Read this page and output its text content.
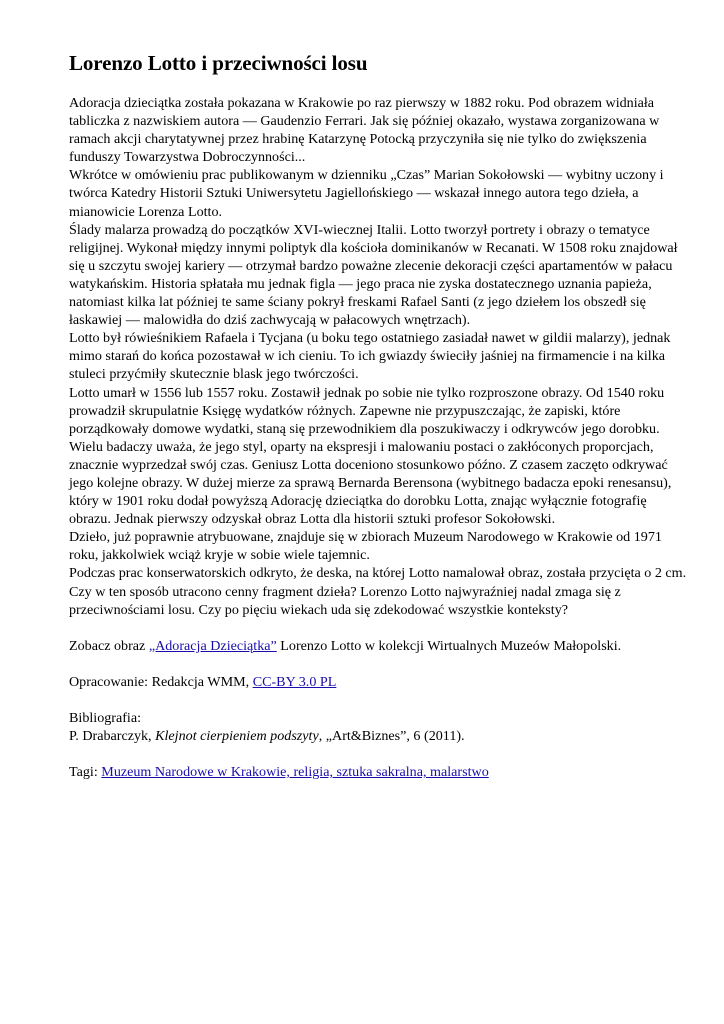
Lorenzo Lotto i przeciwności losu

Adoracja dzieciątka została pokazana w Krakowie po raz pierwszy w 1882 roku. Pod obrazem widniała tabliczka z nazwiskiem autora — Gaudenzio Ferrari. Jak się później okazało, wystawa zorganizowana w ramach akcji charytatywnej przez hrabinę Katarzynę Potocką przyczyniła się nie tylko do zwiększenia funduszy Towarzystwa Dobroczynności...

Wkrótce w omówieniu prac publikowanym w dzienniku „Czas” Marian Sokołowski — wybitny uczony i twórca Katedry Historii Sztuki Uniwersytetu Jagiellońskiego — wskazał innego autora tego dzieła, a mianowicie Lorenza Lotto.

Ślady malarza prowadzą do początków XVI-wiecznej Italii. Lotto tworzył portrety i obrazy o tematyce religijnej. Wykonał między innymi poliptyk dla kościoła dominikanów w Recanati. W 1508 roku znajdował się u szczytu swojej kariery — otrzymał bardzo poważne zlecenie dekoracji części apartamentów w pałacu watykańskim. Historia spłatała mu jednak figla — jego praca nie zyska dostatecznego uznania papieża, natomiast kilka lat później te same ściany pokrył freskami Rafael Santi (z jego dziełem los obszedł się łaskawiej — malowidła do dziś zachwycają w pałacowych wnętrzach).

Lotto był rówieśnikiem Rafaela i Tycjana (u boku tego ostatniego zasiadał nawet w gildii malarzy), jednak mimo starań do końca pozostawał w ich cieniu. To ich gwiazdy świeciły jaśniej na firmamencie i na kilka stuleci przyćmiły skutecznie blask jego twórczości.

Lotto umarł w 1556 lub 1557 roku. Zostawił jednak po sobie nie tylko rozproszone obrazy. Od 1540 roku prowadził skrupulatnie Księgę wydatków różnych. Zapewne nie przypuszczając, że zapiski, które porządkowały domowe wydatki, staną się przewodnikiem dla poszukiwaczy i odkrywców jego dorobku. Wielu badaczy uważa, że jego styl, oparty na ekspresji i malowaniu postaci o zakłóconych proporcjach, znacznie wyprzedzał swój czas. Geniusz Lotta doceniono stosunkowo późno. Z czasem zaczęto odkrywać jego kolejne obrazy. W dużej mierze za sprawą Bernarda Berensona (wybitnego badacza epoki renesansu), który w 1901 roku dodał powyższą Adorację dzieciątka do dorobku Lotta, znając wyłącznie fotografię obrazu. Jednak pierwszy odzyskał obraz Lotta dla historii sztuki profesor Sokołowski.

Dzieło, już poprawnie atrybuowane, znajduje się w zbiorach Muzeum Narodowego w Krakowie od 1971 roku, jakkolwiek wciąż kryje w sobie wiele tajemnic.

Podczas prac konserwatorskich odkryto, że deska, na której Lotto namalował obraz, została przycięta o 2 cm. Czy w ten sposób utracono cenny fragment dzieła? Lorenzo Lotto najwyraźniej nadal zmaga się z przeciwnościami losu. Czy po pięciu wiekach uda się zdekodować wszystkie konteksty?

Zobacz obraz „Adoracja Dzieciątka” Lorenzo Lotto w kolekcji Wirtualnych Muzeów Małopolski.

Opracowanie: Redakcja WMM, CC-BY 3.0 PL

Bibliografia:

P. Drabarczyk, Klejnot cierpieniem podszyty, „Art&Biznes”, 6 (2011).

Tagi: Muzeum Narodowe w Krakowie, religia, sztuka sakralna, malarstwo
